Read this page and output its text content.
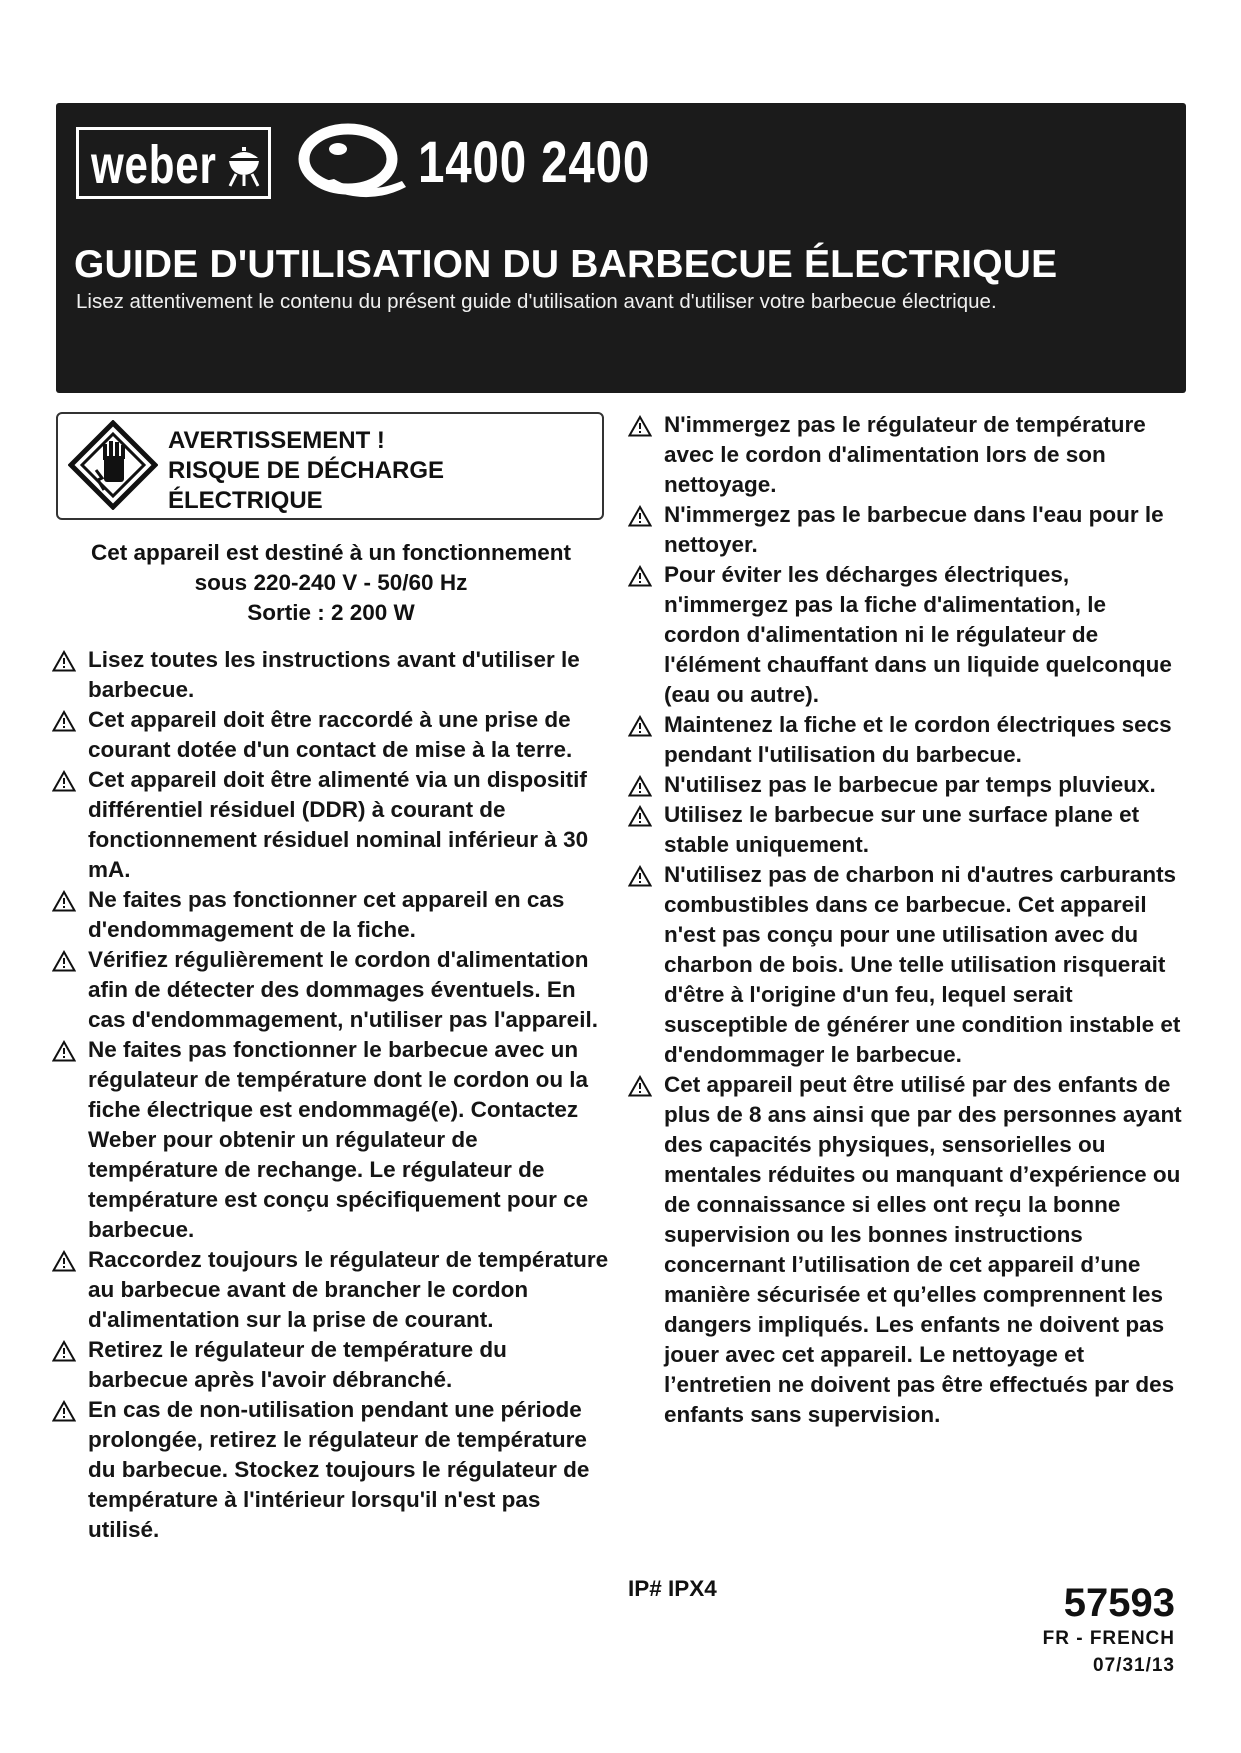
weber	1400 2400
GUIDE D'UTILISATION DU BARBECUE ÉLECTRIQUE
Lisez attentivement le contenu du présent guide d'utilisation avant d'utiliser votre barbecue électrique.
AVERTISSEMENT !
RISQUE DE DÉCHARGE
ÉLECTRIQUE
Cet appareil est destiné à un fonctionnement
sous 220-240 V - 50/60 Hz
Sortie : 2 200 W

Lisez toutes les instructions avant d'utiliser le barbecue.

Cet appareil doit être raccordé à une prise de courant dotée d'un contact de mise à la terre.

Cet appareil doit être alimenté via un dispositif différentiel résiduel (DDR) à courant de fonctionnement résiduel nominal inférieur à 30 mA.

Ne faites pas fonctionner cet appareil en cas d'endommagement de la fiche.

Vérifiez régulièrement le cordon d'alimentation afin de détecter des dommages éventuels. En cas d'endommagement, n'utiliser pas l'appareil.

Ne faites pas fonctionner le barbecue avec un régulateur de température dont le cordon ou la fiche électrique est endommagé(e). Contactez Weber pour obtenir un régulateur de température de rechange. Le régulateur de température est conçu spécifiquement pour ce barbecue.

Raccordez toujours le régulateur de température au barbecue avant de brancher le cordon d'alimentation sur la prise de courant.

Retirez le régulateur de température du barbecue après l'avoir débranché.

En cas de non-utilisation pendant une période prolongée, retirez le régulateur de température du barbecue. Stockez toujours le régulateur de température à l'intérieur lorsqu'il n'est pas utilisé.

N'immergez pas le régulateur de température avec le cordon d'alimentation lors de son nettoyage.

N'immergez pas le barbecue dans l'eau pour le nettoyer.

Pour éviter les décharges électriques, n'immergez pas la fiche d'alimentation, le cordon d'alimentation ni le régulateur de l'élément chauffant dans un liquide quelconque (eau ou autre).

Maintenez la fiche et le cordon électriques secs pendant l'utilisation du barbecue.

N'utilisez pas le barbecue par temps pluvieux.

Utilisez le barbecue sur une surface plane et stable uniquement.

N'utilisez pas de charbon ni d'autres carburants combustibles dans ce barbecue. Cet appareil n'est pas conçu pour une utilisation avec du charbon de bois. Une telle utilisation risquerait d'être à l'origine d'un feu, lequel serait susceptible de générer une condition instable et d'endommager le barbecue.

Cet appareil peut être utilisé par des enfants de plus de 8 ans ainsi que par des personnes ayant des capacités physiques, sensorielles ou mentales réduites ou manquant d’expérience ou de connaissance si elles ont reçu la bonne supervision ou les bonnes instructions concernant l’utilisation de cet appareil d’une manière sécurisée et qu’elles comprennent les dangers impliqués. Les enfants ne doivent pas jouer avec cet appareil. Le nettoyage et l’entretien ne doivent pas être effectués par des enfants sans supervision.

IP# IPX4	57593
FR - FRENCH
07/31/13
